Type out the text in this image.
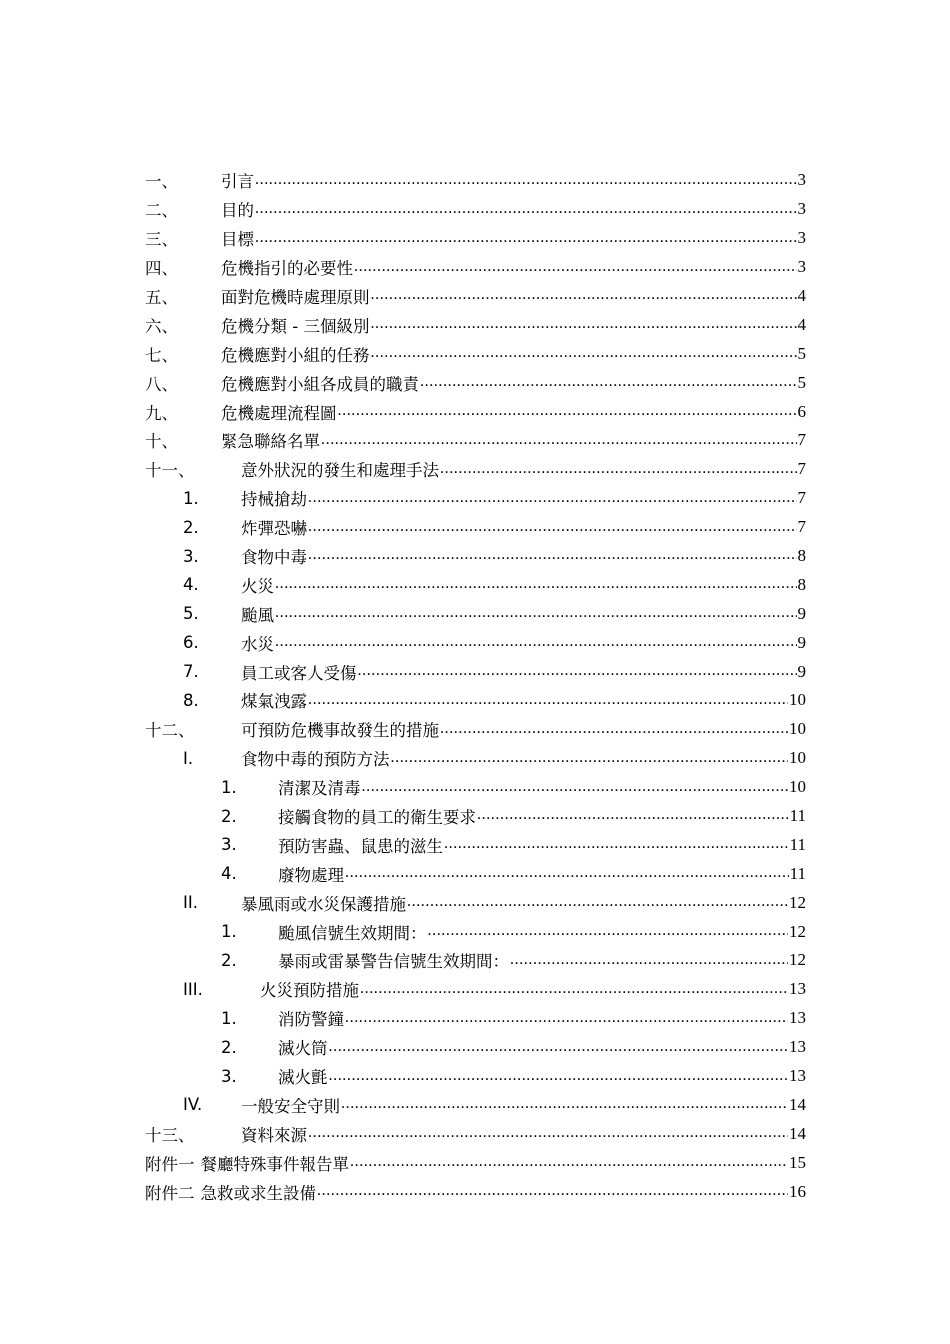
一、	引言 .....	3
二、	目的 .....	3
三、	目標 .....	3
四、	危機指引的必要性 .....	3
五、	面對危機時處理原則 .....	4
六、	危機分類 - 三個級別 .....	4
七、	危機應對小組的任務 .....	5
八、	危機應對小組各成員的職責 .....	5
九、	危機處理流程圖 .....	6
十、	緊急聯絡名單 .....	7
十一、	意外狀況的發生和處理手法 .....	7
1.	持械搶劫 .....	7
2.	炸彈恐嚇 .....	7
3.	食物中毒 .....	8
4.	火災 .....	8
5.	颱風 .....	9
6.	水災 .....	9
7.	員工或客人受傷 .....	9
8.	煤氣洩露 .....	10
十二、	可預防危機事故發生的措施 .....	10
I.	食物中毒的預防方法 .....	10
1.	清潔及清毒 .....	10
2.	接觸食物的員工的衛生要求 .....	11
3.	預防害蟲、鼠患的滋生 .....	11
4.	廢物處理 .....	11
II.	暴風雨或水災保護措施 .....	12
1.	颱風信號生效期間： .....	12
2.	暴雨或雷暴警告信號生效期間： .....	12
III.	火災預防措施 .....	13
1.	消防警鐘 .....	13
2.	滅火筒 .....	13
3.	滅火氈 .....	13
IV.	一般安全守則 .....	14
十三、	資料來源 .....	14
附件一 餐廳特殊事件報告單 .....	15
附件二 急救或求生設備 .....	16
